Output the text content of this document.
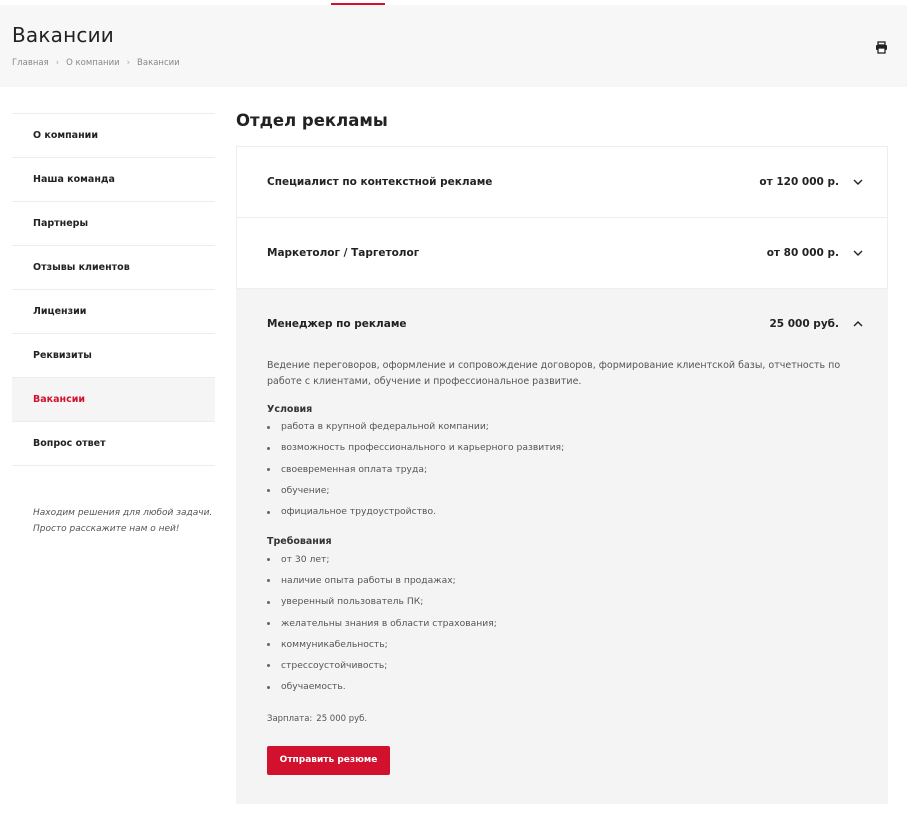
Вакансии
Главная › О компании › Вакансии
О компании
Наша команда
Партнеры
Отзывы клиентов
Лицензии
Реквизиты
Вакансии
Вопрос ответ
Находим решения для любой задачи.
Просто расскажите нам о ней!
Отдел рекламы
Специалист по контекстной рекламе	от 120 000 р.
Маркетолог / Таргетолог	от 80 000 р.
Менеджер по рекламе	25 000 руб.

Ведение переговоров, оформление и сопровождение договоров, формирование клиентской базы, отчетность по работе с клиентами, обучение и профессиональное развитие.

Условия
работа в крупной федеральной компании;
возможность профессионального и карьерного развития;
своевременная оплата труда;
обучение;
официальное трудоустройство.
Требования
от 30 лет;
наличие опыта работы в продажах;
уверенный пользователь ПК;
желательны знания в области страхования;
коммуникабельность;
стрессоустойчивость;
обучаемость.
Зарплата: 25 000 руб.
Отправить резюме
